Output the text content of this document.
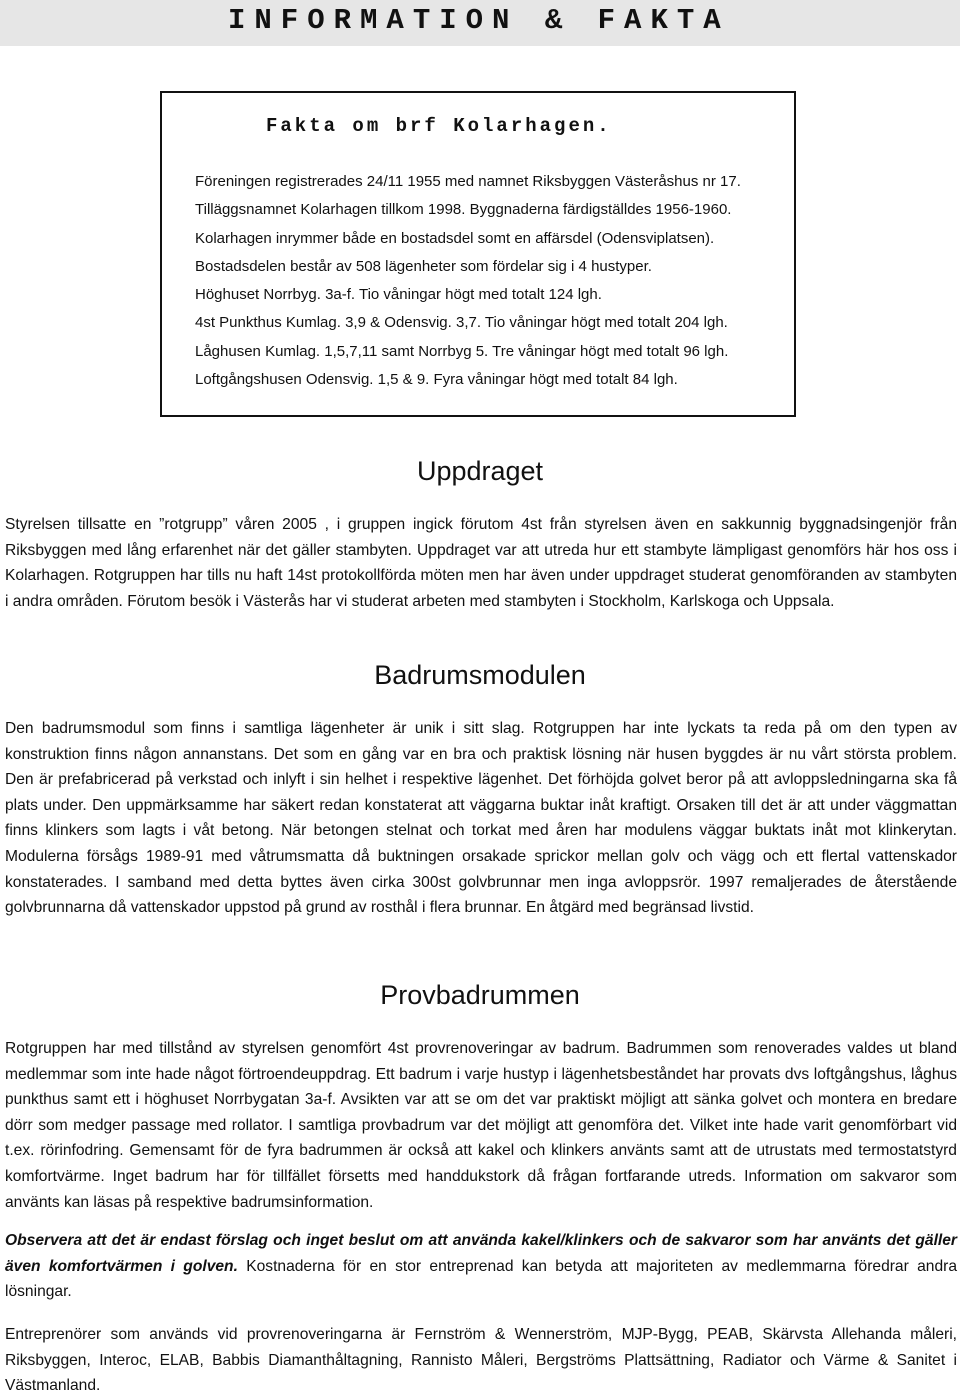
INFORMATION & FAKTA
Fakta om brf Kolarhagen.
Föreningen registrerades 24/11 1955 med namnet Riksbyggen Västeråshus nr 17.
Tilläggsnamnet Kolarhagen tillkom 1998. Byggnaderna färdigställdes 1956-1960.
Kolarhagen inrymmer både en bostadsdel somt en affärsdel (Odensviplatsen).
Bostadsdelen består av 508 lägenheter som fördelar sig i 4 hustyper.
Höghuset Norrbyg. 3a-f. Tio våningar högt med totalt 124 lgh.
4st Punkthus Kumlag. 3,9 & Odensvig. 3,7. Tio våningar högt med totalt 204 lgh.
Låghusen Kumlag. 1,5,7,11 samt Norrbyg 5. Tre våningar högt med totalt 96 lgh.
Loftgångshusen Odensvig. 1,5 & 9. Fyra våningar högt med totalt 84 lgh.
Uppdraget

Styrelsen tillsatte en ”rotgrupp” våren 2005 , i gruppen ingick förutom 4st från styrelsen även en sakkunnig byggnadsingenjör från Riksbyggen med lång erfarenhet när det gäller stambyten. Uppdraget var att utreda hur ett stambyte lämpligast genomförs här hos oss i Kolarhagen. Rotgruppen har tills nu haft 14st protokollförda möten men har även under uppdraget studerat genomföranden av stambyten i andra områden. Förutom besök i Västerås har vi studerat arbeten med stambyten i Stockholm, Karlskoga och Uppsala.

Badrumsmodulen

Den badrumsmodul som finns i samtliga lägenheter är unik i sitt slag. Rotgruppen har inte lyckats ta reda på om den typen av konstruktion finns någon annanstans. Det som en gång var en bra och praktisk lösning när husen byggdes är nu vårt största problem. Den är prefabricerad på verkstad och inlyft i sin helhet i respektive lägenhet. Det förhöjda golvet beror på att avloppsledningarna ska få plats under. Den uppmärksamme har säkert redan konstaterat att väggarna buktar inåt kraftigt. Orsaken till det är att under väggmattan finns klinkers som lagts i våt betong. När betongen stelnat och torkat med åren har modulens väggar buktats inåt mot klinkerytan. Modulerna försågs 1989-91 med våtrumsmatta då buktningen orsakade sprickor mellan golv och vägg och ett flertal vattenskador konstaterades. I samband med detta byttes även cirka 300st golvbrunnar men inga avloppsrör. 1997 remaljerades de återstående golvbrunnarna då vattenskador uppstod på grund av rosthål i flera brunnar. En åtgärd med begränsad livstid.

Provbadrummen

Rotgruppen har med tillstånd av styrelsen genomfört 4st provrenoveringar av badrum. Badrummen som renoverades valdes ut bland medlemmar som inte hade något förtroendeuppdrag. Ett badrum i varje hustyp i lägenhetsbeståndet har provats dvs loftgångshus, låghus punkthus samt ett i höghuset Norrbygatan 3a-f. Avsikten var att se om det var praktiskt möjligt att sänka golvet och montera en bredare dörr som medger passage med rollator. I samtliga provbadrum var det möjligt att genomföra det. Vilket inte hade varit genomförbart vid t.ex. rörinfodring. Gemensamt för de fyra badrummen är också att kakel och klinkers använts samt att de utrustats med termostatstyrd komfortvärme. Inget badrum har för tillfället försetts med handdukstork då frågan fortfarande utreds. Information om sakvaror som använts kan läsas på respektive badrumsinformation.

Observera att det är endast förslag och inget beslut om att använda kakel/klinkers och de sakvaror som har använts det gäller även komfortvärmen i golven. Kostnaderna för en stor entreprenad kan betyda att majoriteten av medlemmarna föredrar andra lösningar.

Entreprenörer som används vid provrenoveringarna är Fernström & Wennerström, MJP-Bygg, PEAB, Skärvsta Allehanda måleri, Riksbyggen, Interoc, ELAB, Babbis Diamanthåltagning, Rannisto Måleri, Bergströms Plattsättning, Radiator och Värme & Sanitet i Västmanland.
